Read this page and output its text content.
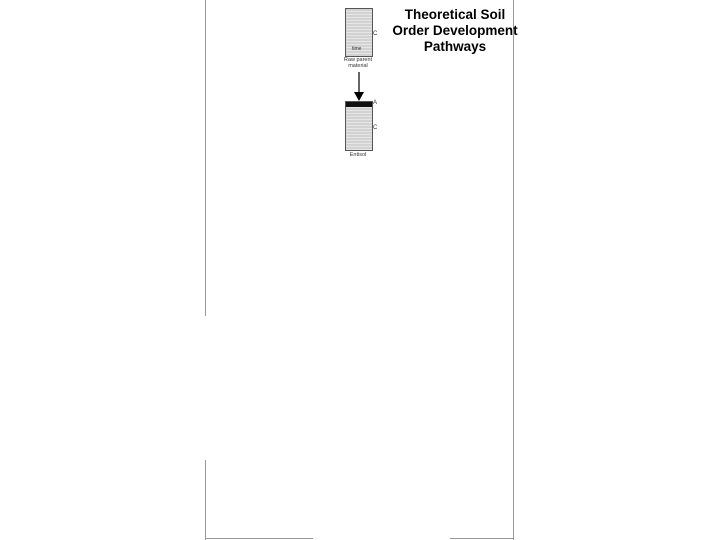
Theoretical Soil
Order Development
Pathways
time
C
Raw parent
material
A
C
Entisol
